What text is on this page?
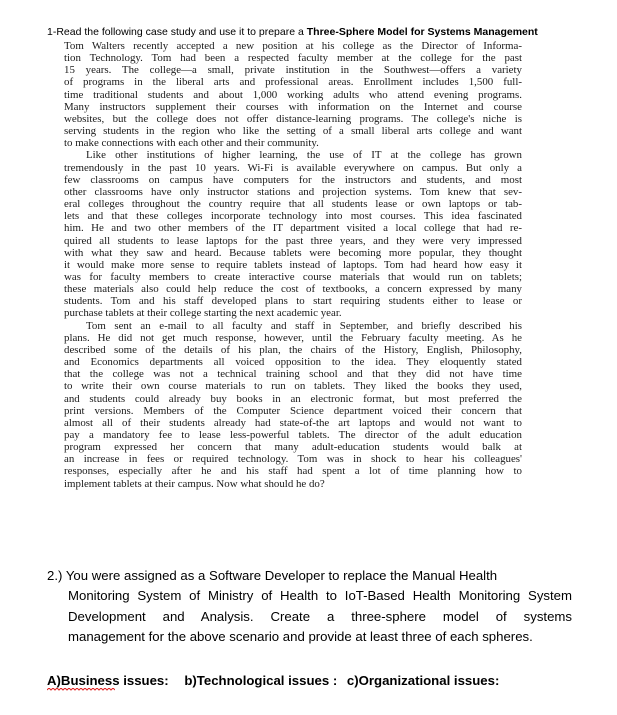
1-Read the following case study and use it to prepare a Three-Sphere Model for Systems Management
Tom Walters recently accepted a new position at his college as the Director of Informa-
tion Technology. Tom had been a respected faculty member at the college for the past
15 years. The college—a small, private institution in the Southwest—offers a variety
of programs in the liberal arts and professional areas. Enrollment includes 1,500 full-
time traditional students and about 1,000 working adults who attend evening programs.
Many instructors supplement their courses with information on the Internet and course
websites, but the college does not offer distance-learning programs. The college's niche is
serving students in the region who like the setting of a small liberal arts college and want
to make connections with each other and their community.
Like other institutions of higher learning, the use of IT at the college has grown
tremendously in the past 10 years. Wi-Fi is available everywhere on campus. But only a
few classrooms on campus have computers for the instructors and students, and most
other classrooms have only instructor stations and projection systems. Tom knew that sev-
eral colleges throughout the country require that all students lease or own laptops or tab-
lets and that these colleges incorporate technology into most courses. This idea fascinated
him. He and two other members of the IT department visited a local college that had re-
quired all students to lease laptops for the past three years, and they were very impressed
with what they saw and heard. Because tablets were becoming more popular, they thought
it would make more sense to require tablets instead of laptops. Tom had heard how easy it
was for faculty members to create interactive course materials that would run on tablets;
these materials also could help reduce the cost of textbooks, a concern expressed by many
students. Tom and his staff developed plans to start requiring students either to lease or
purchase tablets at their college starting the next academic year.
Tom sent an e-mail to all faculty and staff in September, and briefly described his
plans. He did not get much response, however, until the February faculty meeting. As he
described some of the details of his plan, the chairs of the History, English, Philosophy,
and Economics departments all voiced opposition to the idea. They eloquently stated
that the college was not a technical training school and that they did not have time
to write their own course materials to run on tablets. They liked the books they used,
and students could already buy books in an electronic format, but most preferred the
print versions. Members of the Computer Science department voiced their concern that
almost all of their students already had state-of-the art laptops and would not want to
pay a mandatory fee to lease less-powerful tablets. The director of the adult education
program expressed her concern that many adult-education students would balk at
an increase in fees or required technology. Tom was in shock to hear his colleagues'
responses, especially after he and his staff had spent a lot of time planning how to
implement tablets at their campus. Now what should he do?
2.) You were assigned as a Software Developer to replace the Manual Health
Monitoring System of Ministry of Health to IoT-Based Health Monitoring System
Development and Analysis. Create a three-sphere model of systems
management for the above scenario and provide at least three of each spheres.
A)Business issues: b)Technological issues : c)Organizational issues:
